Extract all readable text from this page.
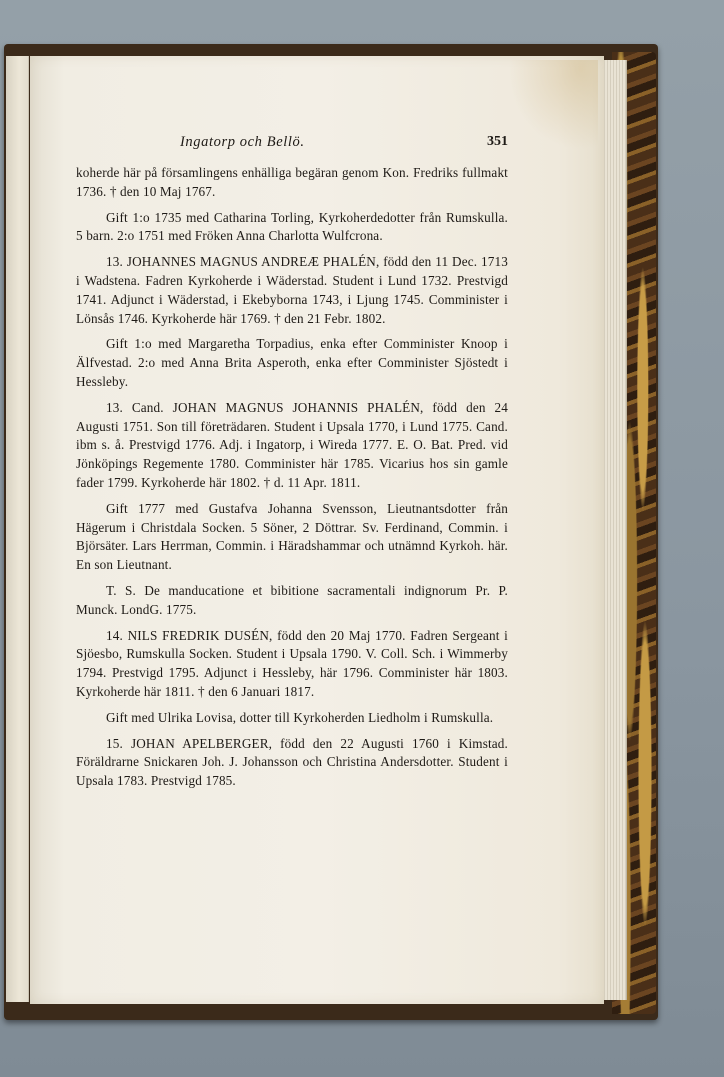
Ingatorp och Bellö.	351

koherde här på församlingens enhälliga begäran genom Kon. Fredriks fullmakt 1736. † den 10 Maj 1767.

Gift 1:o 1735 med Catharina Torling, Kyrkoherdedotter från Rumskulla. 5 barn. 2:o 1751 med Fröken Anna Charlotta Wulfcrona.

13. JOHANNES MAGNUS ANDREÆ PHALÉN, född den 11 Dec. 1713 i Wadstena. Fadren Kyrkoherde i Wäderstad. Student i Lund 1732. Prestvigd 1741. Adjunct i Wäderstad, i Ekebyborna 1743, i Ljung 1745. Comminister i Lönsås 1746. Kyrkoherde här 1769. † den 21 Febr. 1802.

Gift 1:o med Margaretha Torpadius, enka efter Comminister Knoop i Älfvestad. 2:o med Anna Brita Asperoth, enka efter Comminister Sjöstedt i Hessleby.

13. Cand. JOHAN MAGNUS JOHANNIS PHALÉN, född den 24 Augusti 1751. Son till företrädaren. Student i Upsala 1770, i Lund 1775. Cand. ibm s. å. Prestvigd 1776. Adj. i Ingatorp, i Wireda 1777. E. O. Bat. Pred. vid Jönköpings Regemente 1780. Comminister här 1785. Vicarius hos sin gamle fader 1799. Kyrkoherde här 1802. † d. 11 Apr. 1811.

Gift 1777 med Gustafva Johanna Svensson, Lieutnantsdotter från Hägerum i Christdala Socken. 5 Söner, 2 Döttrar. Sv. Ferdinand, Commin. i Björsäter. Lars Herrman, Commin. i Häradshammar och utnämnd Kyrkoh. här. En son Lieutnant.

T. S. De manducatione et bibitione sacramentali indignorum Pr. P. Munck. LondG. 1775.

14. NILS FREDRIK DUSÉN, född den 20 Maj 1770. Fadren Sergeant i Sjöesbo, Rumskulla Socken. Student i Upsala 1790. V. Coll. Sch. i Wimmerby 1794. Prestvigd 1795. Adjunct i Hessleby, här 1796. Comminister här 1803. Kyrkoherde här 1811. † den 6 Januari 1817.

Gift med Ulrika Lovisa, dotter till Kyrkoherden Liedholm i Rumskulla.

15. JOHAN APELBERGER, född den 22 Augusti 1760 i Kimstad. Föräldrarne Snickaren Joh. J. Johansson och Christina Andersdotter. Student i Upsala 1783. Prestvigd 1785.
